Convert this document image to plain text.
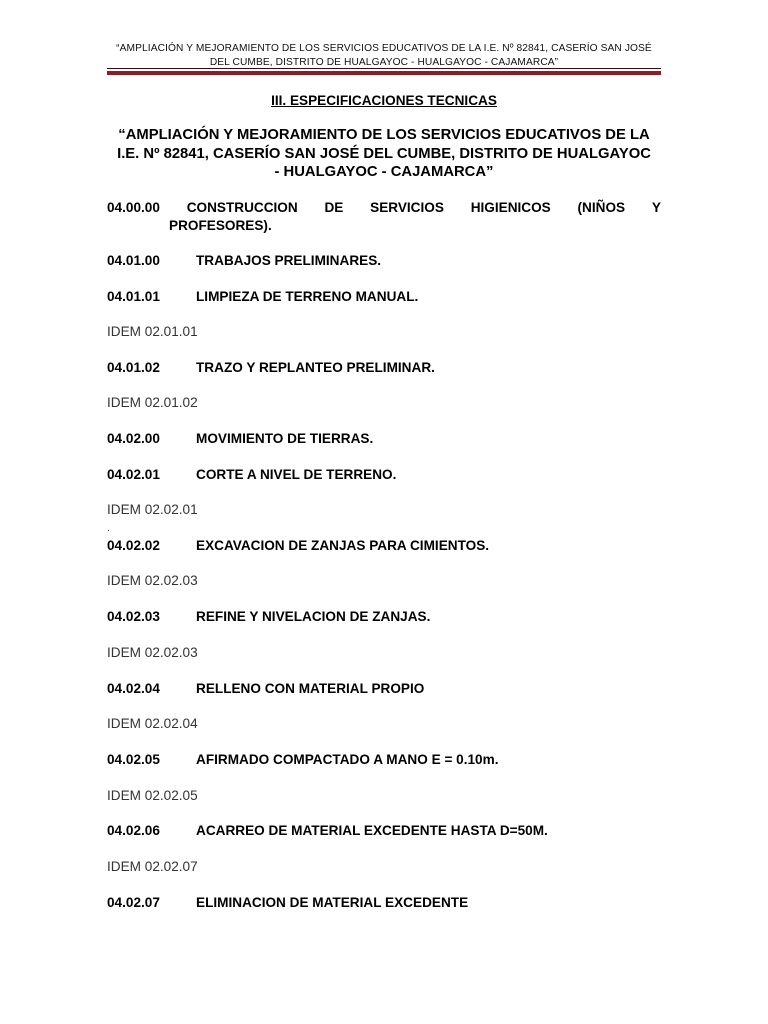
“AMPLIACIÓN Y MEJORAMIENTO DE LOS SERVICIOS EDUCATIVOS DE LA I.E. Nº 82841, CASERÍO SAN JOSÉ
DEL CUMBE, DISTRITO DE HUALGAYOC - HUALGAYOC - CAJAMARCA”
III. ESPECIFICACIONES TECNICAS
“AMPLIACIÓN Y MEJORAMIENTO DE LOS SERVICIOS EDUCATIVOS DE LA
I.E. Nº 82841, CASERÍO SAN JOSÉ DEL CUMBE, DISTRITO DE HUALGAYOC
- HUALGAYOC - CAJAMARCA”
04.00.00 CONSTRUCCION DE SERVICIOS HIGIENICOS (NIÑOS Y
PROFESORES).
04.01.00	TRABAJOS PRELIMINARES.
04.01.01	LIMPIEZA DE TERRENO MANUAL.
IDEM 02.01.01
04.01.02	TRAZO Y REPLANTEO PRELIMINAR.
IDEM 02.01.02
04.02.00	MOVIMIENTO DE TIERRAS.
04.02.01	CORTE A NIVEL DE TERRENO.
IDEM 02.02.01
.
04.02.02	EXCAVACION DE ZANJAS PARA CIMIENTOS.
IDEM 02.02.03
04.02.03	REFINE Y NIVELACION DE ZANJAS.
IDEM 02.02.03
04.02.04	RELLENO CON MATERIAL PROPIO
IDEM 02.02.04
04.02.05	AFIRMADO COMPACTADO A MANO E = 0.10m.
IDEM 02.02.05
04.02.06	ACARREO DE MATERIAL EXCEDENTE HASTA D=50M.
IDEM 02.02.07
04.02.07	ELIMINACION DE MATERIAL EXCEDENTE
